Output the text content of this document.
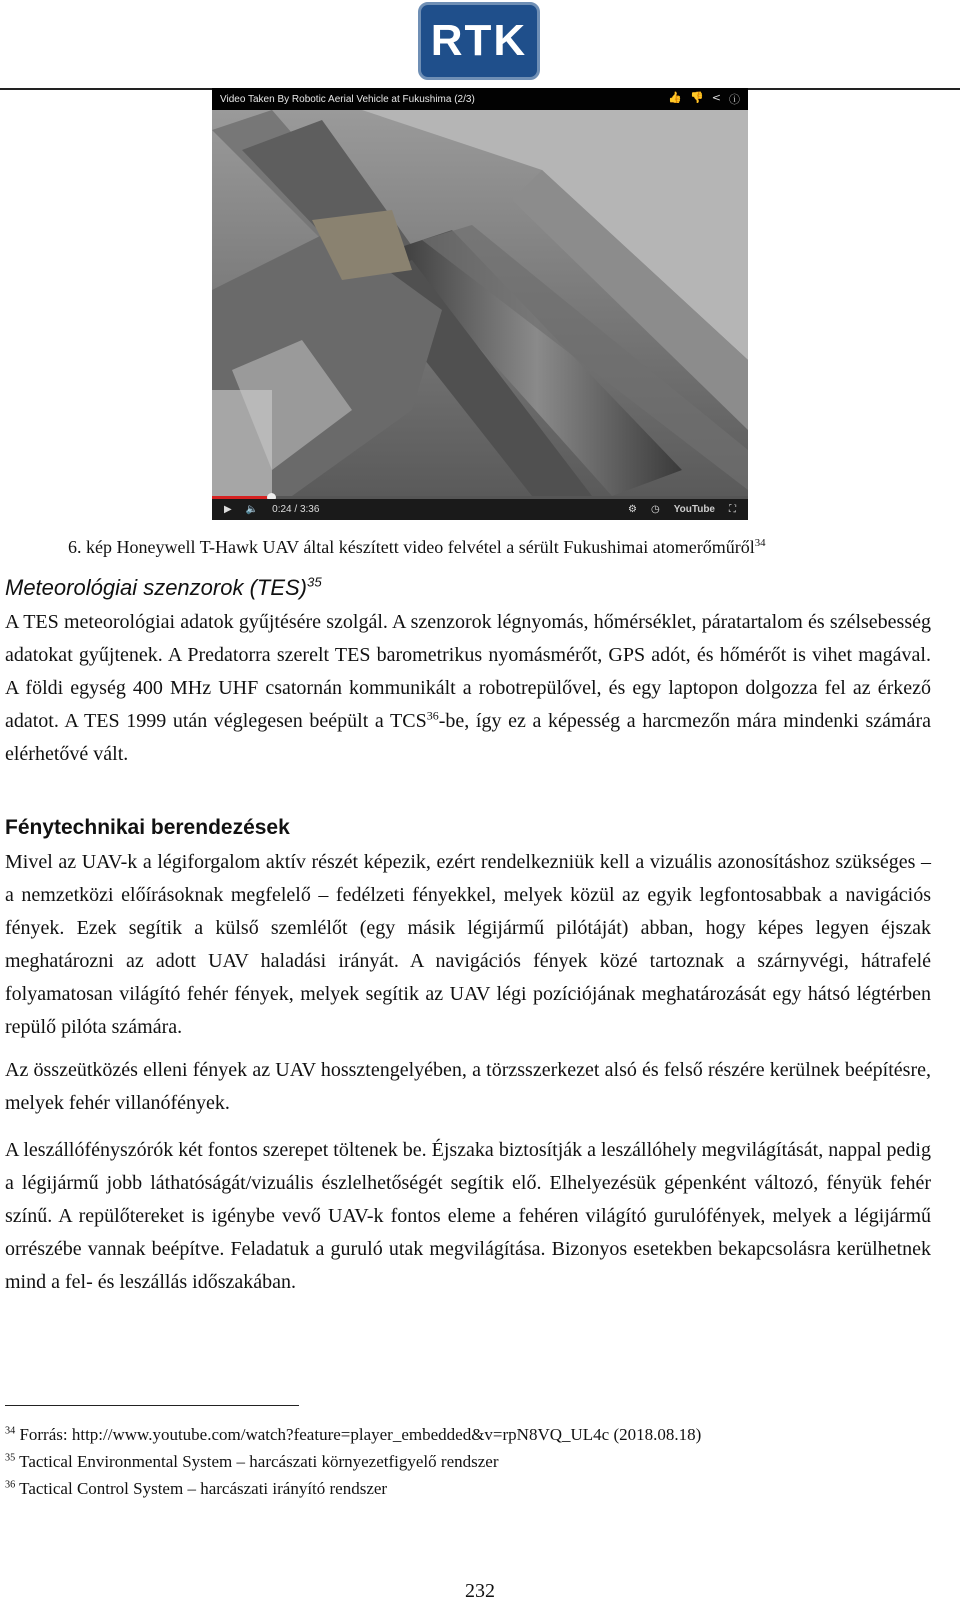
RTK
Video Taken By Robotic Aerial Vehicle at Fukushima (2/3)	👍 👎 < ⓘ
▶ 🔈 0:24 / 3:36	⚙ ◷ YouTube ⛶
6. kép Honeywell T-Hawk UAV által készített video felvétel a sérült Fukushimai atomerőműről$^{34}$
Meteorológiai szenzorok (TES)$^{35}$
A TES meteorológiai adatok gyűjtésére szolgál. A szenzorok légnyomás, hőmérséklet, páratartalom és szélsebesség adatokat gyűjtenek. A Predatorra szerelt TES barometrikus nyomásmérőt, GPS adót, és hőmérőt is vihet magával. A földi egység 400 MHz UHF csatornán kommunikált a robotrepülővel, és egy laptopon dolgozza fel az érkező adatot. A TES 1999 után véglegesen beépült a TCS$^{36}$-be, így ez a képesség a harcmezőn mára mindenki számára elérhetővé vált.
Fénytechnikai berendezések
Mivel az UAV-k a légiforgalom aktív részét képezik, ezért rendelkezniük kell a vizuális azonosításhoz szükséges – a nemzetközi előírásoknak megfelelő – fedélzeti fényekkel, melyek közül az egyik legfontosabbak a navigációs fények. Ezek segítik a külső szemlélőt (egy másik légijármű pilótáját) abban, hogy képes legyen éjszak meghatározni az adott UAV haladási irányát. A navigációs fények közé tartoznak a szárnyvégi, hátrafelé folyamatosan világító fehér fények, melyek segítik az UAV légi pozíciójának meghatározását egy hátsó légtérben repülő pilóta számára.
Az összeütközés elleni fények az UAV hossztengelyében, a törzsszerkezet alsó és felső részére kerülnek beépítésre, melyek fehér villanófények.
A leszállófényszórók két fontos szerepet töltenek be. Éjszaka biztosítják a leszállóhely megvilágítását, nappal pedig a légijármű jobb láthatóságát/vizuális észlelhetőségét segítik elő. Elhelyezésük gépenként változó, fényük fehér színű. A repülőtereket is igénybe vevő UAV-k fontos eleme a fehéren világító gurulófények, melyek a légijármű orrészébe vannak beépítve. Feladatuk a guruló utak megvilágítása. Bizonyos esetekben bekapcsolásra kerülhetnek mind a fel- és leszállás időszakában.
$^{34}$ Forrás: http://www.youtube.com/watch?feature=player_embedded&v=rpN8VQ_UL4c (2018.08.18)
$^{35}$ Tactical Environmental System – harcászati környezetfigyelő rendszer
$^{36}$ Tactical Control System – harcászati irányító rendszer
232
